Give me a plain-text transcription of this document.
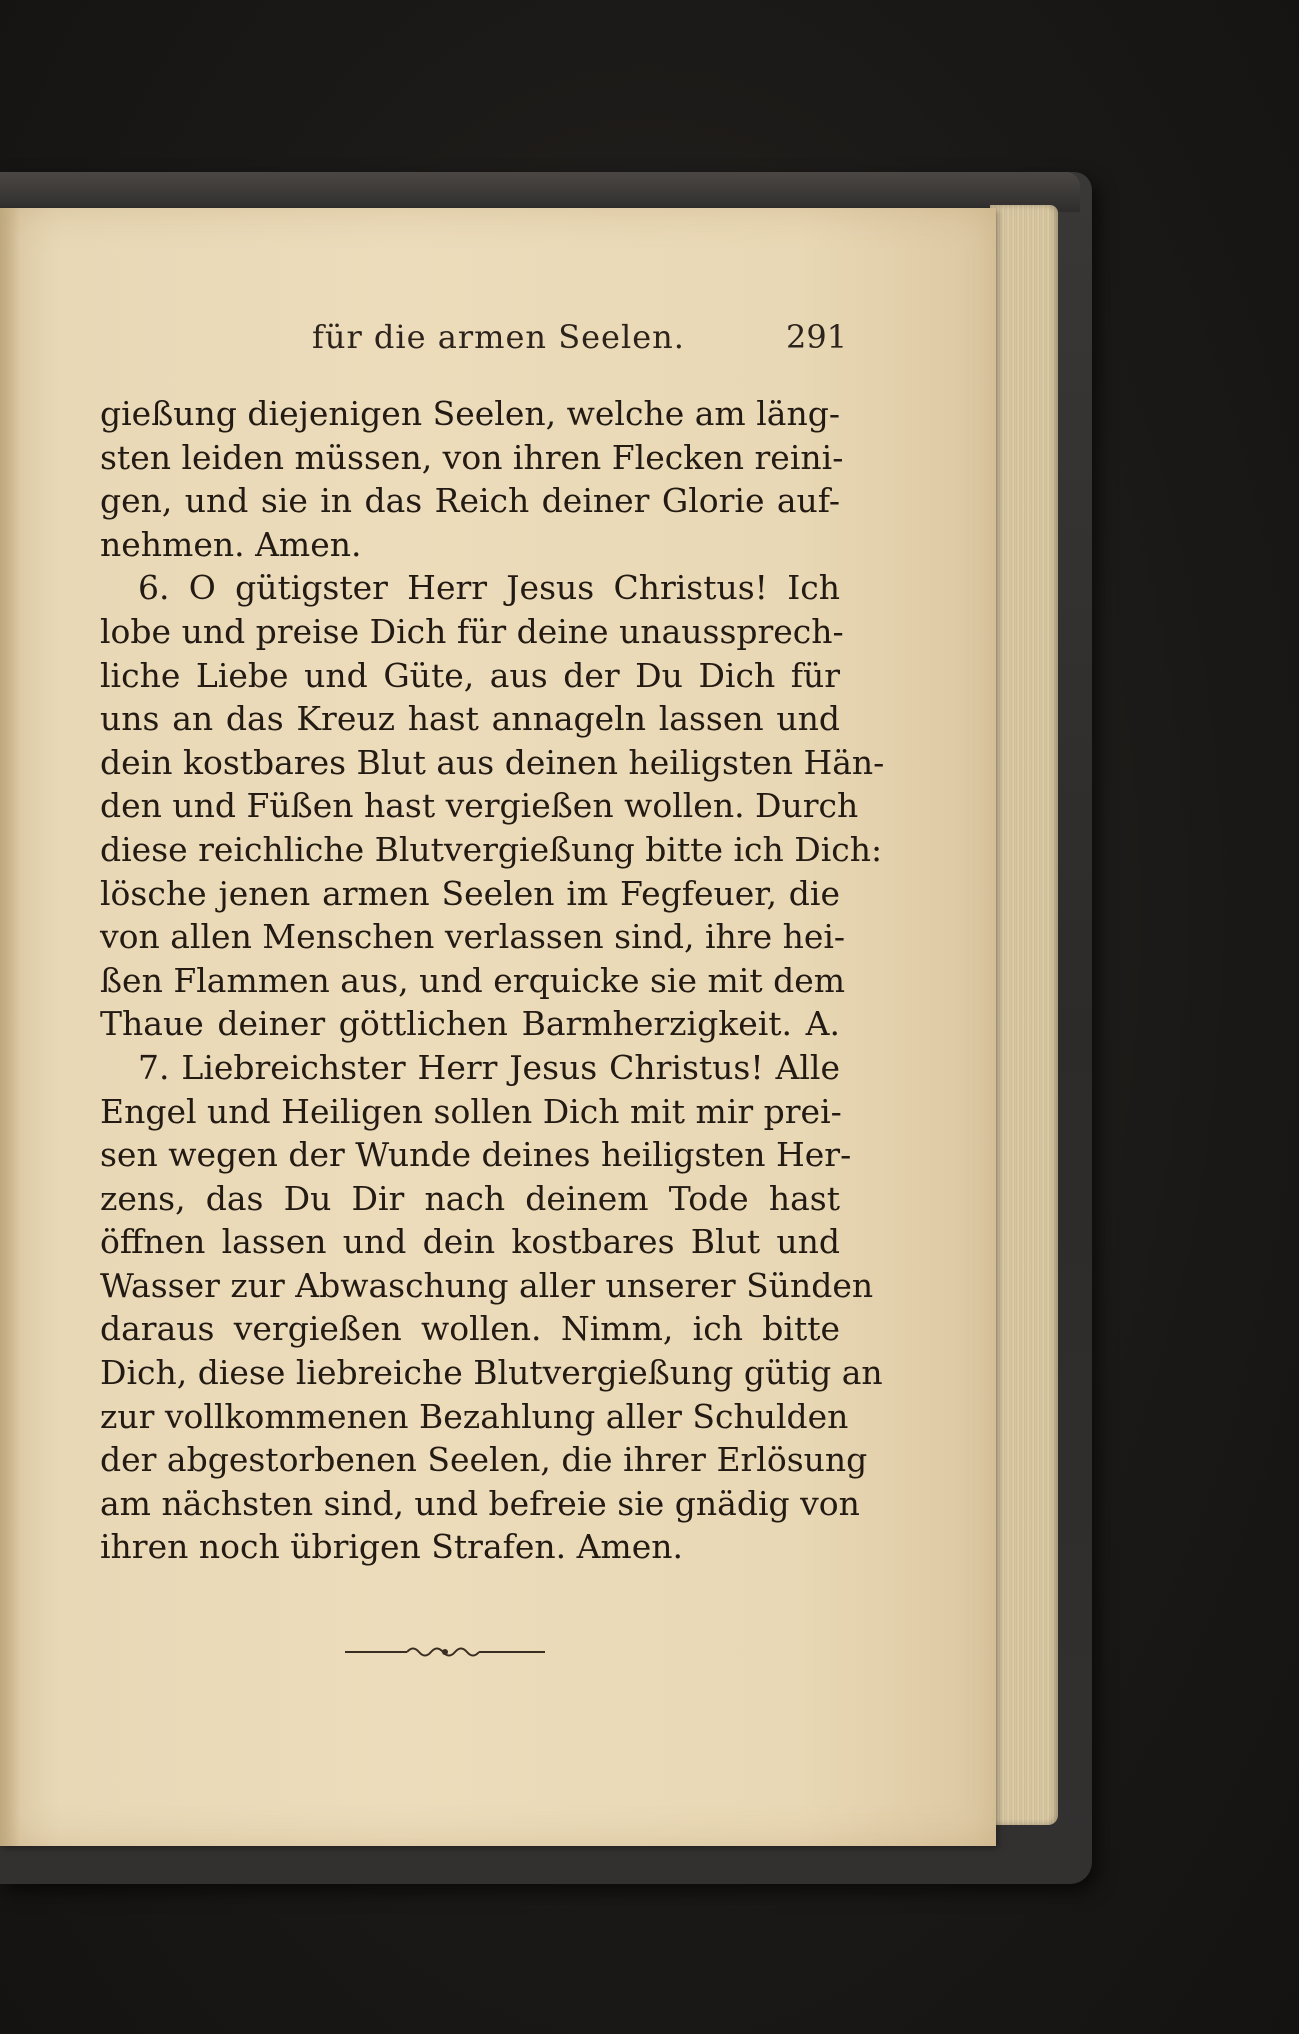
für die armen Seelen.	291
gießung diejenigen Seelen, welche am läng-
sten leiden müssen, von ihren Flecken reini-
gen, und sie in das Reich deiner Glorie auf-
nehmen. Amen.
6. O gütigster Herr Jesus Christus! Ich
lobe und preise Dich für deine unaussprech-
liche Liebe und Güte, aus der Du Dich für
uns an das Kreuz hast annageln lassen und
dein kostbares Blut aus deinen heiligsten Hän-
den und Füßen hast vergießen wollen. Durch
diese reichliche Blutvergießung bitte ich Dich:
lösche jenen armen Seelen im Fegfeuer, die
von allen Menschen verlassen sind, ihre hei-
ßen Flammen aus, und erquicke sie mit dem
Thaue deiner göttlichen Barmherzigkeit. A.
7. Liebreichster Herr Jesus Christus! Alle
Engel und Heiligen sollen Dich mit mir prei-
sen wegen der Wunde deines heiligsten Her-
zens, das Du Dir nach deinem Tode hast
öffnen lassen und dein kostbares Blut und
Wasser zur Abwaschung aller unserer Sünden
daraus vergießen wollen. Nimm, ich bitte
Dich, diese liebreiche Blutvergießung gütig an
zur vollkommenen Bezahlung aller Schulden
der abgestorbenen Seelen, die ihrer Erlösung
am nächsten sind, und befreie sie gnädig von
ihren noch übrigen Strafen. Amen.
